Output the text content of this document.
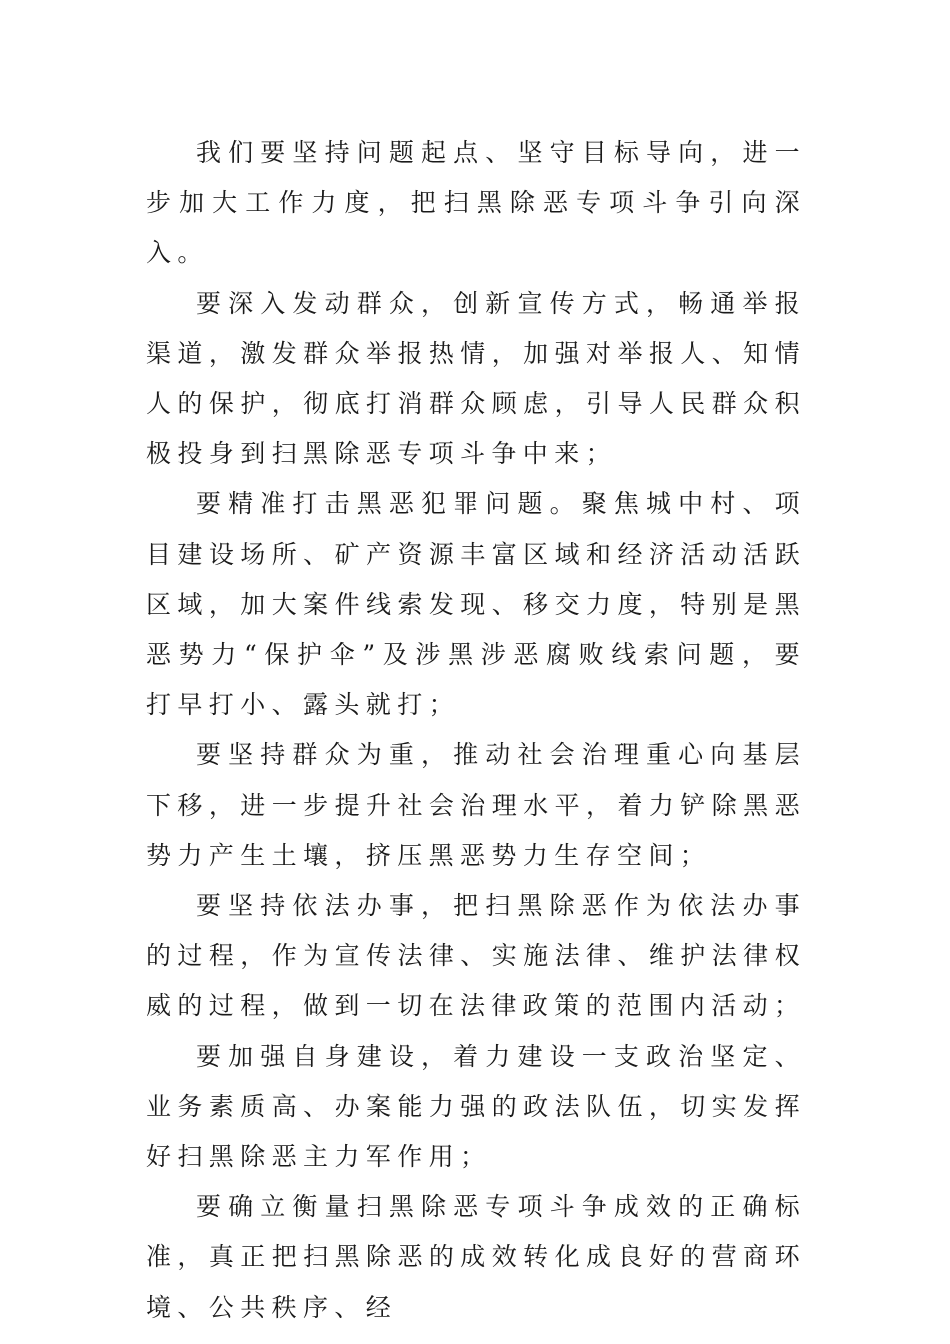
我们要坚持问题起点、坚守目标导向，进一步加大工作力度，把扫黑除恶专项斗争引向深入。

要深入发动群众，创新宣传方式，畅通举报渠道，激发群众举报热情，加强对举报人、知情人的保护，彻底打消群众顾虑，引导人民群众积极投身到扫黑除恶专项斗争中来；

要精准打击黑恶犯罪问题。聚焦城中村、项目建设场所、矿产资源丰富区域和经济活动活跃区域，加大案件线索发现、移交力度，特别是黑恶势力“保护伞”及涉黑涉恶腐败线索问题，要打早打小、露头就打；

要坚持群众为重，推动社会治理重心向基层下移，进一步提升社会治理水平，着力铲除黑恶势力产生土壤，挤压黑恶势力生存空间；

要坚持依法办事，把扫黑除恶作为依法办事的过程，作为宣传法律、实施法律、维护法律权威的过程，做到一切在法律政策的范围内活动；

要加强自身建设，着力建设一支政治坚定、业务素质高、办案能力强的政法队伍，切实发挥好扫黑除恶主力军作用；

要确立衡量扫黑除恶专项斗争成效的正确标准，真正把扫黑除恶的成效转化成良好的营商环境、公共秩序、经
